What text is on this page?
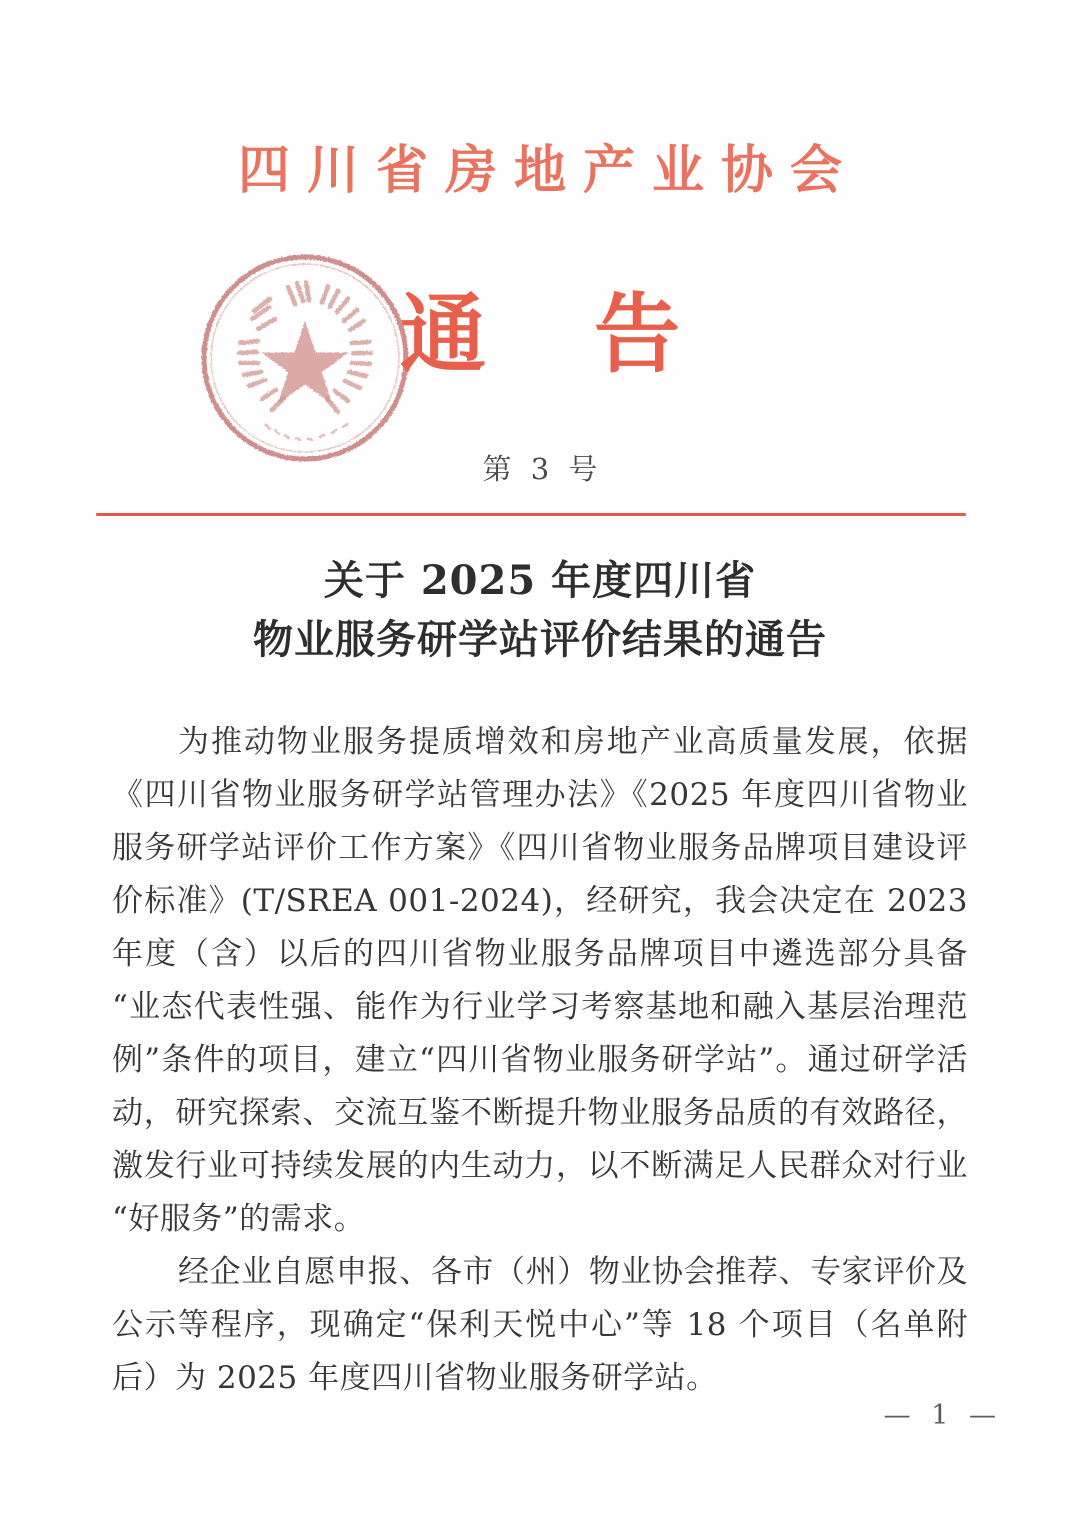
四川省房地产业协会
通 告
第 3 号
关于 2025 年度四川省
物业服务研学站评价结果的通告

为推动物业服务提质增效和房地产业高质量发展，依据《四川省物业服务研学站管理办法》《2025 年度四川省物业服务研学站评价工作方案》《四川省物业服务品牌项目建设评价标准》(T/SREA 001-2024)，经研究，我会决定在 2023 年度（含）以后的四川省物业服务品牌项目中遴选部分具备“业态代表性强、能作为行业学习考察基地和融入基层治理范例”条件的项目，建立“四川省物业服务研学站”。通过研学活动，研究探索、交流互鉴不断提升物业服务品质的有效路径，激发行业可持续发展的内生动力，以不断满足人民群众对行业“好服务”的需求。

经企业自愿申报、各市（州）物业协会推荐、专家评价及公示等程序，现确定“保利天悦中心”等 18 个项目（名单附后）为 2025 年度四川省物业服务研学站。

— 1 —
